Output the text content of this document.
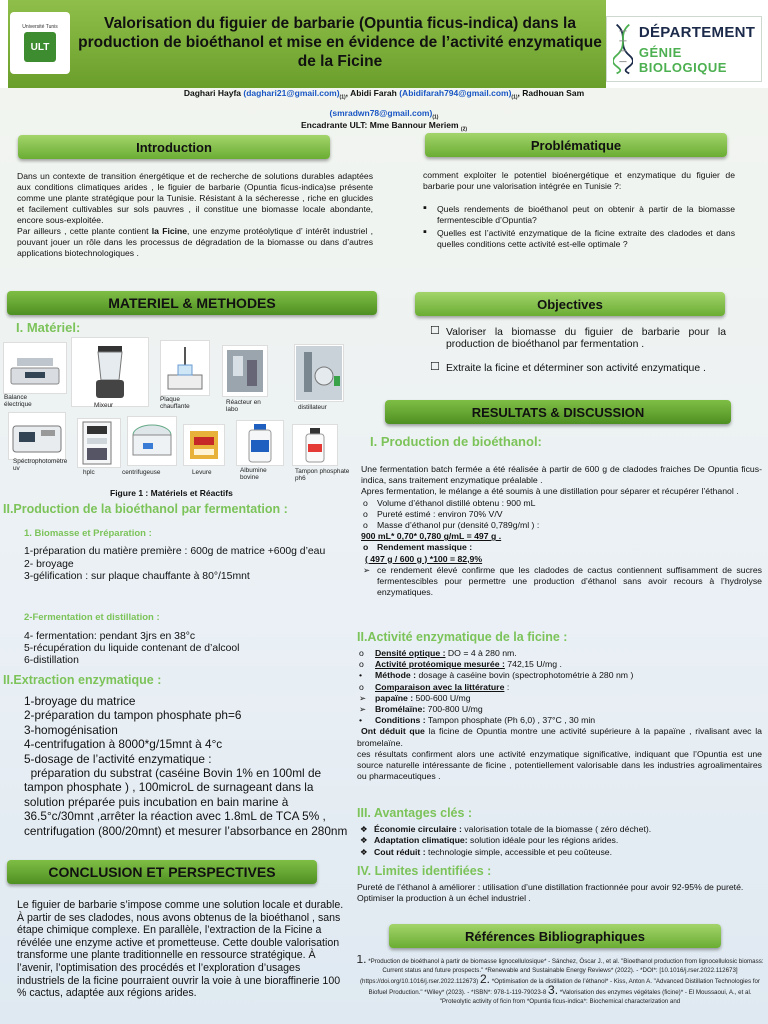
Université Tunis
ULT
Valorisation du figuier de barbarie (Opuntia ficus-indica) dans la production de bioéthanol et mise en évidence de l’activité enzymatique de la Ficine
DÉPARTEMENT
GÉNIE BIOLOGIQUE
Daghari Hayfa $(daghari21@gmail.com)_{(1)}$, Abidi Farah $(Abidifarah794@gmail.com)_{(1)}$, Radhouan Sam
$(smradwn78@gmail.com)_{(1)}$
Encadrante ULT: Mme Bannour Meriem $_{(2)}$
Introduction

Dans un contexte de transition énergétique et de recherche de solutions durables adaptées aux conditions climatiques arides , le figuier de barbarie (Opuntia ficus-indica)se présente comme une plante stratégique pour la Tunisie. Résistant à la sécheresse , riche en glucides et facilement cultivables sur sols pauvres , il constitue une biomasse locale abondante, encore sous-exploitée.

Par ailleurs , cette plante contient la Ficine, une enzyme protéolytique d’ intérêt industriel , pouvant jouer un rôle dans les processus de dégradation de la biomasse ou dans d’autres applications biotechnologiques .

Problématique

comment exploiter le potentiel bioénergétique et enzymatique du figuier de barbarie pour une valorisation intégrée en Tunisie ?:

▪ Quels rendements de bioéthanol peut on obtenir à partir de la biomasse fermentescible d’Opuntia?
▪ Quelles est l’activité enzymatique de la ficine extraite des cladodes et dans quelles conditions cette activité est-elle optimale ?
MATERIEL & METHODES
I. Matériel:
Balance électrique	Mixeur
Plaque chauffante
Réacteur en labo	distillateur
Spéctrophotomètre uv
hplc	centrifugeuse	Levure	Albumine bovine
Tampon phosphate ph6
Figure 1 : Matériels et Réactifs
II.Production de la bioéthanol par fermentation :
1. Biomasse et Préparation :
1-préparation du matière première : 600g de matrice +600g d’eau
2- broyage
3-gélification : sur plaque chauffante à 80°/15mnt
2-Fermentation et distillation :
4- fermentation: pendant 3jrs en 38°c
5-récupération du liquide contenant de d’alcool
6-distillation
II.Extraction enzymatique :
1-broyage du matrice
2-préparation du tampon phosphate ph=6
3-homogénisation
4-centrifugation à 8000*g/15mnt à 4°c
5-dosage de l’activité enzymatique :
préparation du substrat (caséine Bovin 1% en 100ml de tampon phosphate ) , 100microL de surnageant dans la solution préparée puis incubation en bain marine à 36.5°c/30mnt ,arrêter la réaction avec 1.8mL de TCA 5% , centrifugation (800/20mnt) et mesurer l’absorbance en 280nm
CONCLUSION ET PERSPECTIVES
Le figuier de barbarie s’impose comme une solution locale et durable. À partir de ses cladodes, nous avons obtenus de la bioéthanol , sans étape chimique complexe. En parallèle, l’extraction de la Ficine a révélée une enzyme active et prometteuse. Cette double valorisation transforme une plante traditionnelle en ressource stratégique. À l’avenir, l’optimisation des procédés et l’exploration d’usages industriels de la ficine pourraient ouvrir la voie à une bioraffinerie 100 % cactus, adaptée aux régions arides.
Objectives
☐ Valoriser la biomasse du figuier de barbarie pour la production de bioéthanol par fermentation .
☐ Extraite la ficine et déterminer son activité enzymatique .
RESULTATS & DISCUSSION
I. Production de bioéthanol:

Une fermentation batch fermée a été réalisée à partir de 600 g de cladodes fraiches De Opuntia ficus-indica, sans traitement enzymatique préalable .

Apres fermentation, le mélange a été soumis à une distillation pour séparer et récupérer l’éthanol .

o Volume d’éthanol distillé obtenu : 900 mL
o Pureté estimé : environ 70% V/V
o Masse d’éthanol pur (densité 0,789g/ml ) :
900 mL* 0,70* 0,780 g/mL = 497 g .
o Rendement massique :
( 497 g / 600 g ) *100 = 82,9%
➢ ce rendement élevé confirme que les cladodes de cactus contiennent suffisamment de sucres fermentescibles pour permettre une production d’éthanol sans avoir recours à l’hydrolyse enzymatiques.
II.Activité enzymatique de la ficine :
o Densité optique : DO = 4 à 280 nm.
o Activité protéomique mesurée : 742,15 U/mg .
• Méthode : dosage à caséine bovin (spectrophotométrie à 280 nm )
o Comparaison avec la littérature :
➢ papaïne : 500-600 U/mg
➢ Bromélaïne: 700-800 U/mg
• Conditions : Tampon phosphate (Ph 6,0) , 37°C , 30 min

Ont déduit que la ficine de Opuntia montre une activité supérieure à la papaïne , rivalisant avec la bromelaïne.

ces résultats confirment alors une activité enzymatique significative, indiquant que l’Opuntia est une source naturelle intéressante de ficine , potentiellement valorisable dans les industries agroalimentaires ou pharmaceutiques .

III. Avantages clés :
❖ Économie circulaire : valorisation totale de la biomasse ( zéro déchet).
❖ Adaptation climatique: solution idéale pour les régions arides.
❖ Cout réduit : technologie simple, accessible et peu coûteuse.
IV. Limites identifiées :

Pureté de l’éthanol à améliorer : utilisation d’une distillation fractionnée pour avoir 92-95% de pureté.

Optimiser la production à un échel industriel .

Références Bibliographiques
1. *Production de bioéthanol à partir de biomasse lignocellulosique* - Sánchez, Óscar J., et al. "Bioethanol production from lignocellulosic biomass: Current status and future prospects." *Renewable and Sustainable Energy Reviews* (2022). - *DOI*: [10.1016/j.rser.2022.112673](https://doi.org/10.1016/j.rser.2022.112673) 2. *Optimisation de la distillation de l’éthanol* - Kiss, Anton A. "Advanced Distillation Technologies for Biofuel Production." *Wiley* (2023). - *ISBN*: 978-1-119-79023-8 3. *Valorisation des enzymes végétales (ficine)* - El Moussaoui, A., et al. "Proteolytic activity of ficin from *Opuntia ficus-indica*: Biochemical characterization and
